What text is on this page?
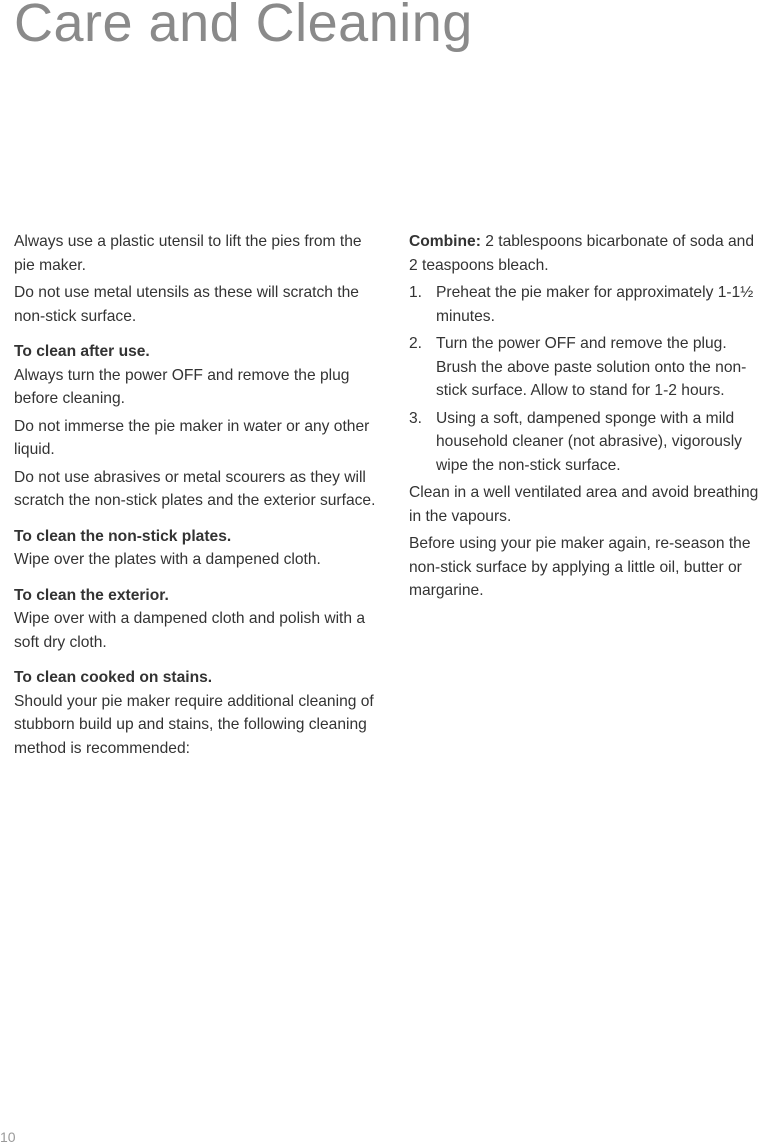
Care and Cleaning

Always use a plastic utensil to lift the pies from the pie maker.

Do not use metal utensils as these will scratch the non-stick surface.

To clean after use.

Always turn the power OFF and remove the plug before cleaning.

Do not immerse the pie maker in water or any other liquid.

Do not use abrasives or metal scourers as they will scratch the non-stick plates and the exterior surface.

To clean the non-stick plates.

Wipe over the plates with a dampened cloth.

To clean the exterior.

Wipe over with a dampened cloth and polish with a soft dry cloth.

To clean cooked on stains.

Should your pie maker require additional cleaning of stubborn build up and stains, the following cleaning method is recommended:

Combine: 2 tablespoons bicarbonate of soda and 2 teaspoons bleach.

1. Preheat the pie maker for approximately 1-1½ minutes.
2. Turn the power OFF and remove the plug. Brush the above paste solution onto the non-stick surface. Allow to stand for 1-2 hours.
3. Using a soft, dampened sponge with a mild household cleaner (not abrasive), vigorously wipe the non-stick surface.

Clean in a well ventilated area and avoid breathing in the vapours.

Before using your pie maker again, re-season the non-stick surface by applying a little oil, butter or margarine.

10
